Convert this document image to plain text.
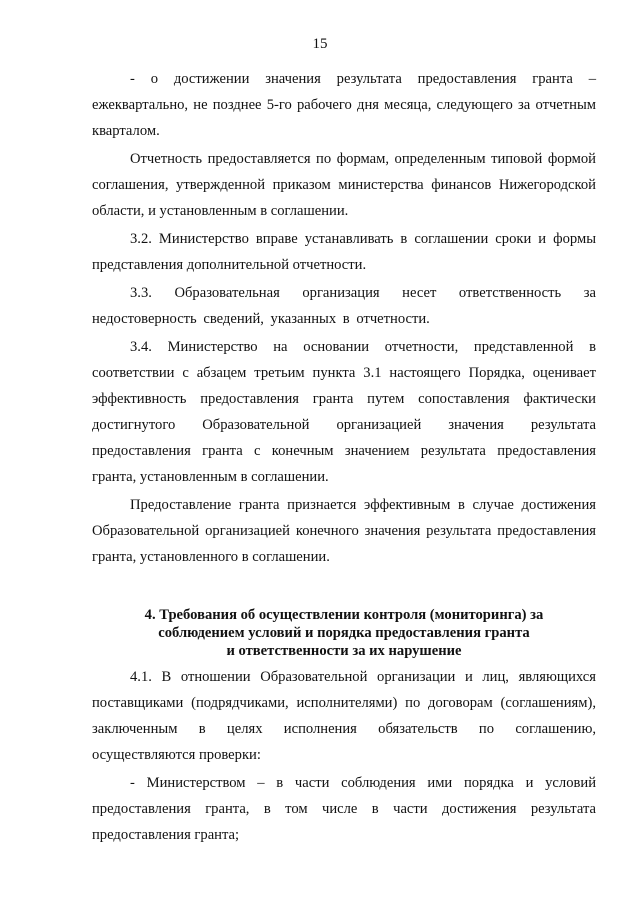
15

- о достижении значения результата предоставления гранта – ежеквартально, не позднее 5-го рабочего дня месяца, следующего за отчетным кварталом.

Отчетность предоставляется по формам, определенным типовой формой соглашения, утвержденной приказом министерства финансов Нижегородской области, и установленным в соглашении.

3.2. Министерство вправе устанавливать в соглашении сроки и формы представления дополнительной отчетности.

3.3. Образовательная организация несет ответственность за недостоверность сведений, указанных в отчетности.

3.4. Министерство на основании отчетности, представленной в соответствии с абзацем третьим пункта 3.1 настоящего Порядка, оценивает эффективность предоставления гранта путем сопоставления фактически достигнутого Образовательной организацией значения результата предоставления гранта с конечным значением результата предоставления гранта, установленным в соглашении.

Предоставление гранта признается эффективным в случае достижения Образовательной организацией конечного значения результата предоставления гранта, установленного в соглашении.

4. Требования об осуществлении контроля (мониторинга) за
соблюдением условий и порядка предоставления гранта
и ответственности за их нарушение

4.1. В отношении Образовательной организации и лиц, являющихся поставщиками (подрядчиками, исполнителями) по договорам (соглашениям), заключенным в целях исполнения обязательств по соглашению, осуществляются проверки:

- Министерством – в части соблюдения ими порядка и условий предоставления гранта, в том числе в части достижения результата предоставления гранта;
